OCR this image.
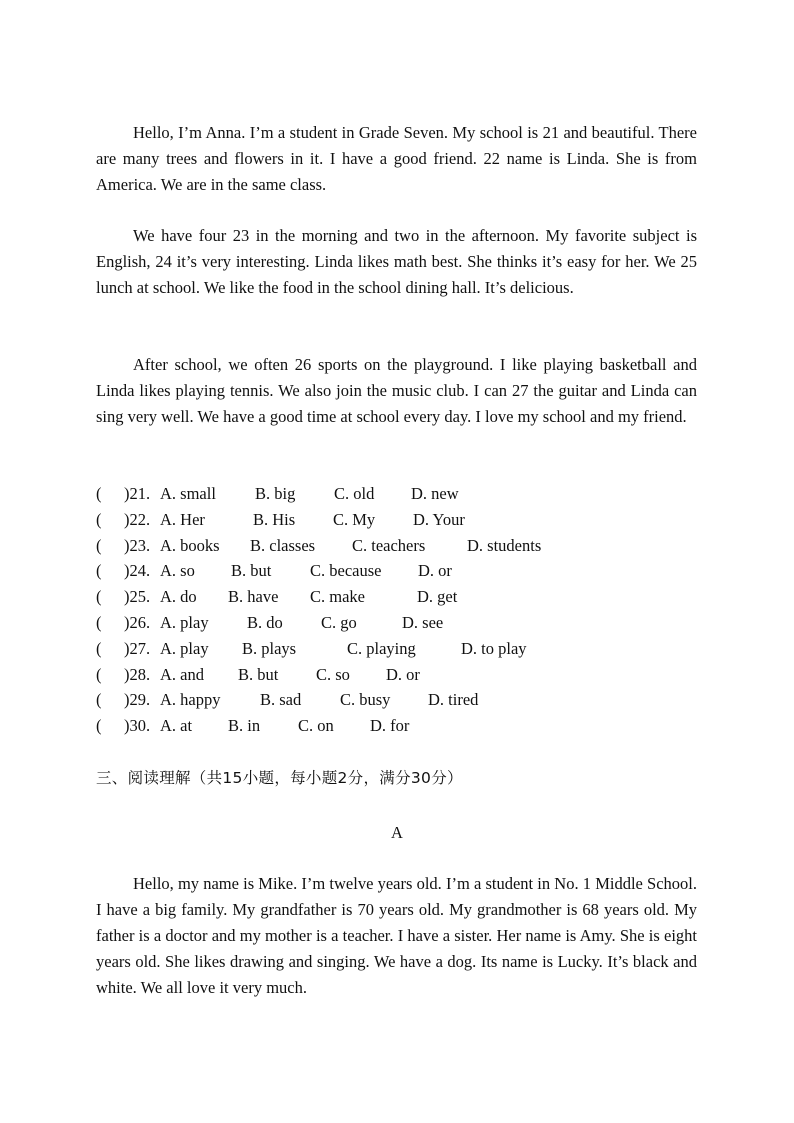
Hello, I’m Anna. I’m a student in Grade Seven. My school is 21 and beautiful. There are many trees and flowers in it. I have a good friend. 22 name is Linda. She is from America. We are in the same class.

We have four 23 in the morning and two in the afternoon. My favorite subject is English, 24 it’s very interesting. Linda likes math best. She thinks it’s easy for her. We 25 lunch at school. We like the food in the school dining hall. It’s delicious.

After school, we often 26 sports on the playground. I like playing basketball and Linda likes playing tennis. We also join the music club. I can 27 the guitar and Linda can sing very well. We have a good time at school every day. I love my school and my friend.

( )21. A. small B. big C. old D. new
( )22. A. Her	B. His C. My D. Your
( )23. A. books B. classes C. teachers	D. students
( )24. A. so B. but C. because D. or
( )25. A. do B. have C. make	D. get
( )26. A. play B. do C. go	D. see
( )27. A. play B. plays	C. playing	D. to play
( )28. A. and B. but C. so D. or
( )29. A. happy B. sad C. busy D. tired
( )30. A. at B. in C. on D. for

三、阅读理解（共15小题，每小题2分，满分30分）

A

Hello, my name is Mike. I’m twelve years old. I’m a student in No. 1 Middle School. I have a big family. My grandfather is 70 years old. My grandmother is 68 years old. My father is a doctor and my mother is a teacher. I have a sister. Her name is Amy. She is eight years old. She likes drawing and singing. We have a dog. Its name is Lucky. It’s black and white. We all love it very much.
